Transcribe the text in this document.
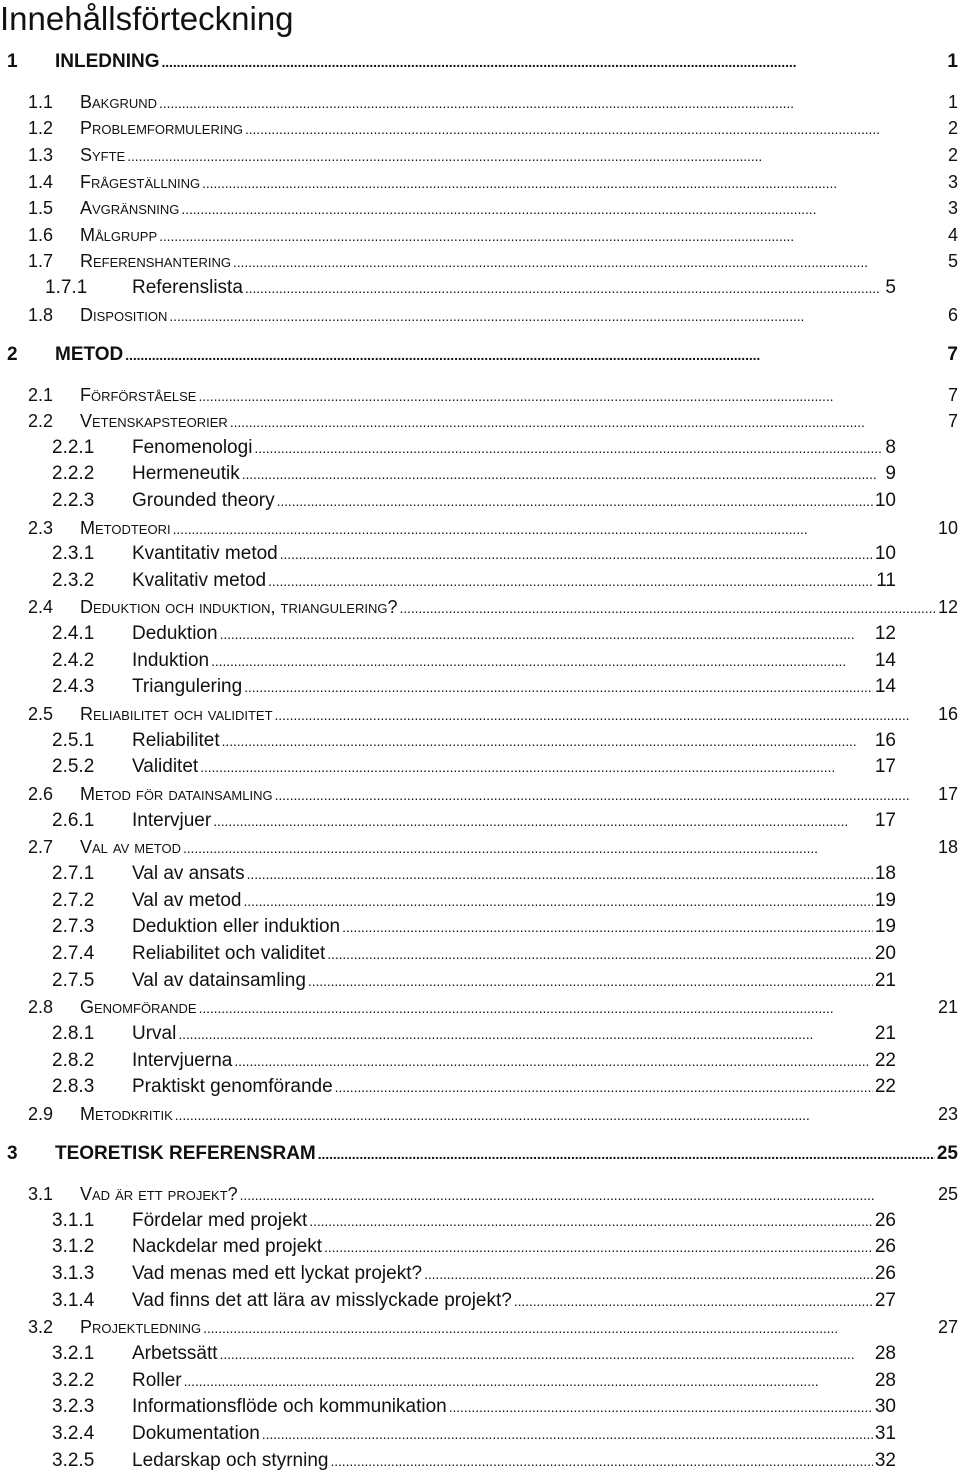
Innehållsförteckning
1	INLEDNING . . .	1
1.1	Bakgrund . . .	1
1.2	Problemformulering . . .	2
1.3	Syfte . . .	2
1.4	Frågeställning . . .	3
1.5	Avgränsning . . .	3
1.6	Målgrupp . . .	4
1.7	Referenshantering . . .	5
1.7.1	Referenslista . . .	5
1.8	Disposition . . .	6
2	METOD . . .	7
2.1	Förförståelse . . .	7
2.2	Vetenskapsteorier . . .	7
2.2.1	Fenomenologi . . .	8
2.2.2	Hermeneutik . . .	9
2.2.3	Grounded theory . . .	10
2.3	Metodteori . . .	10
2.3.1	Kvantitativ metod . . .	10
2.3.2	Kvalitativ metod . . .	11
2.4	Deduktion och induktion, triangulering? . . .	12
2.4.1	Deduktion . . .	12
2.4.2	Induktion . . .	14
2.4.3	Triangulering . . .	14
2.5	Reliabilitet och validitet . . .	16
2.5.1	Reliabilitet . . .	16
2.5.2	Validitet . . .	17
2.6	Metod för datainsamling . . .	17
2.6.1	Intervjuer . . .	17
2.7	Val av metod . . .	18
2.7.1	Val av ansats . . .	18
2.7.2	Val av metod . . .	19
2.7.3	Deduktion eller induktion . . .	19
2.7.4	Reliabilitet och validitet . . .	20
2.7.5	Val av datainsamling . . .	21
2.8	Genomförande . . .	21
2.8.1	Urval . . .	21
2.8.2	Intervjuerna . . .	22
2.8.3	Praktiskt genomförande . . .	22
2.9	Metodkritik . . .	23
3	TEORETISK REFERENSRAM . . .	25
3.1	Vad är ett projekt? . . .	25
3.1.1	Fördelar med projekt . . .	26
3.1.2	Nackdelar med projekt . . .	26
3.1.3	Vad menas med ett lyckat projekt? . . .	26
3.1.4	Vad finns det att lära av misslyckade projekt? . . .	27
3.2	Projektledning . . .	27
3.2.1	Arbetssätt . . .	28
3.2.2	Roller . . .	28
3.2.3	Informationsflöde och kommunikation . . .	30
3.2.4	Dokumentation . . .	31
3.2.5	Ledarskap och styrning . . .	32
